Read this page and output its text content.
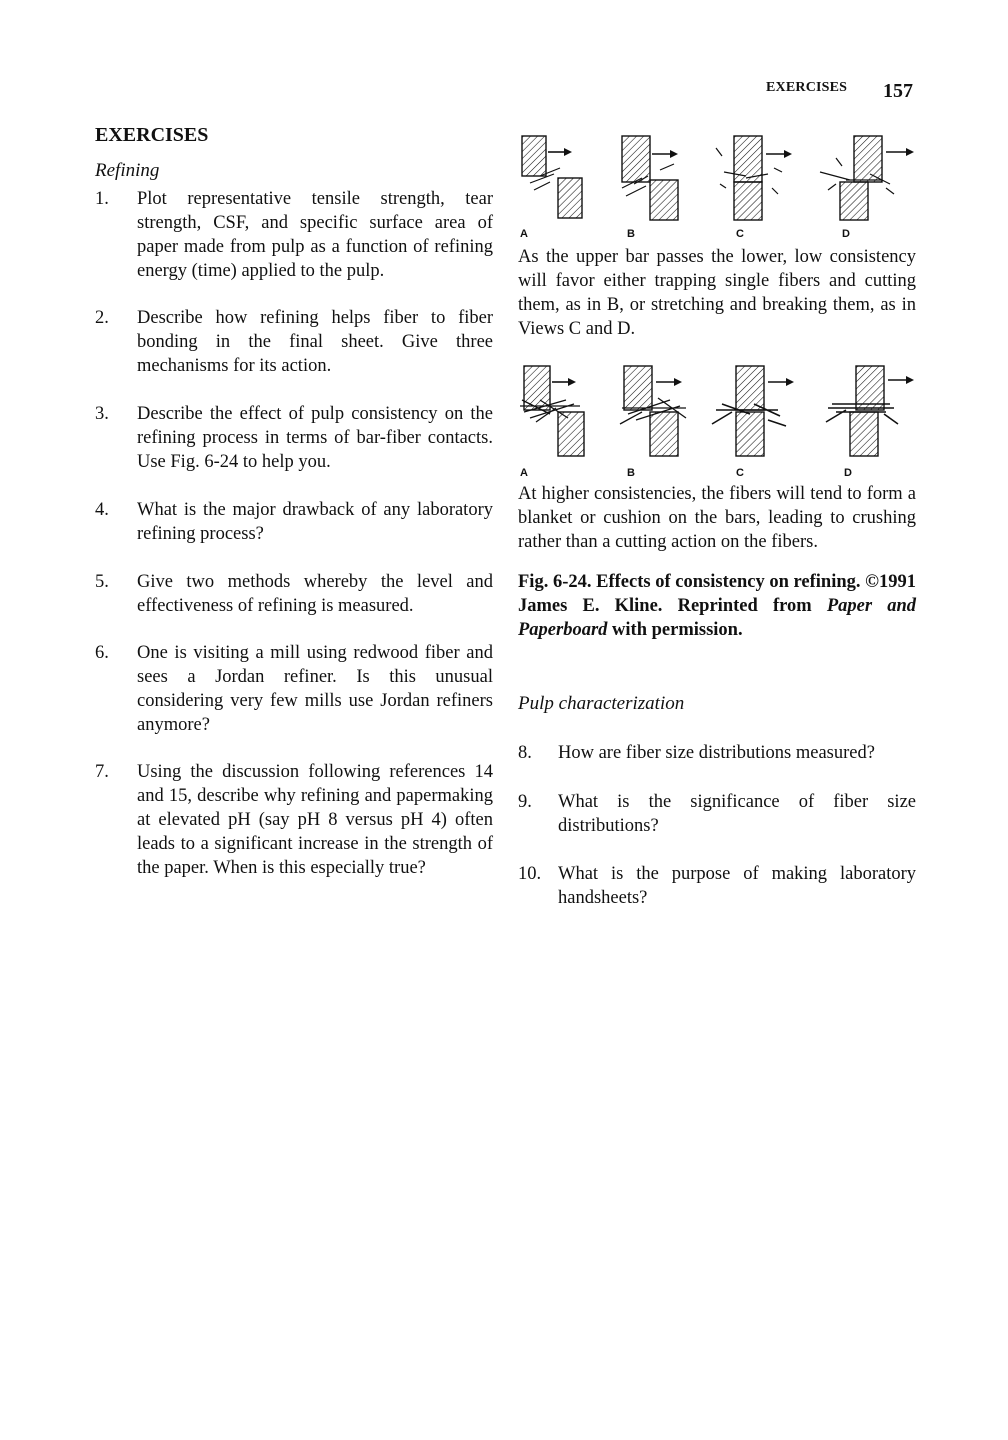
EXERCISES 157
EXERCISES
Refining
1. Plot representative tensile strength, tear strength, CSF, and specific surface area of paper made from pulp as a function of refining energy (time) applied to the pulp.
2. Describe how refining helps fiber to fiber bonding in the final sheet. Give three mechanisms for its action.
3. Describe the effect of pulp consistency on the refining process in terms of bar-fiber contacts. Use Fig. 6-24 to help you.
4. What is the major drawback of any laboratory refining process?
5. Give two methods whereby the level and effectiveness of refining is measured.
6. One is visiting a mill using redwood fiber and sees a Jordan refiner. Is this unusual considering very few mills use Jordan refiners anymore?
7. Using the discussion following references 14 and 15, describe why refining and papermaking at elevated pH (say pH 8 versus pH 4) often leads to a significant increase in the strength of the paper. When is this especially true?
A	B	C	D
As the upper bar passes the lower, low consistency will favor either trapping single fibers and cutting them, as in B, or stretching and breaking them, as in Views C and D.
A	B	C	D
At higher consistencies, the fibers will tend to form a blanket or cushion on the bars, leading to crushing rather than a cutting action on the fibers.
Fig. 6-24. Effects of consistency on refining. ©1991 James E. Kline. Reprinted from Paper and Paperboard with permission.
Pulp characterization
8. How are fiber size distributions measured?
9. What is the significance of fiber size distributions?
10. What is the purpose of making laboratory handsheets?
